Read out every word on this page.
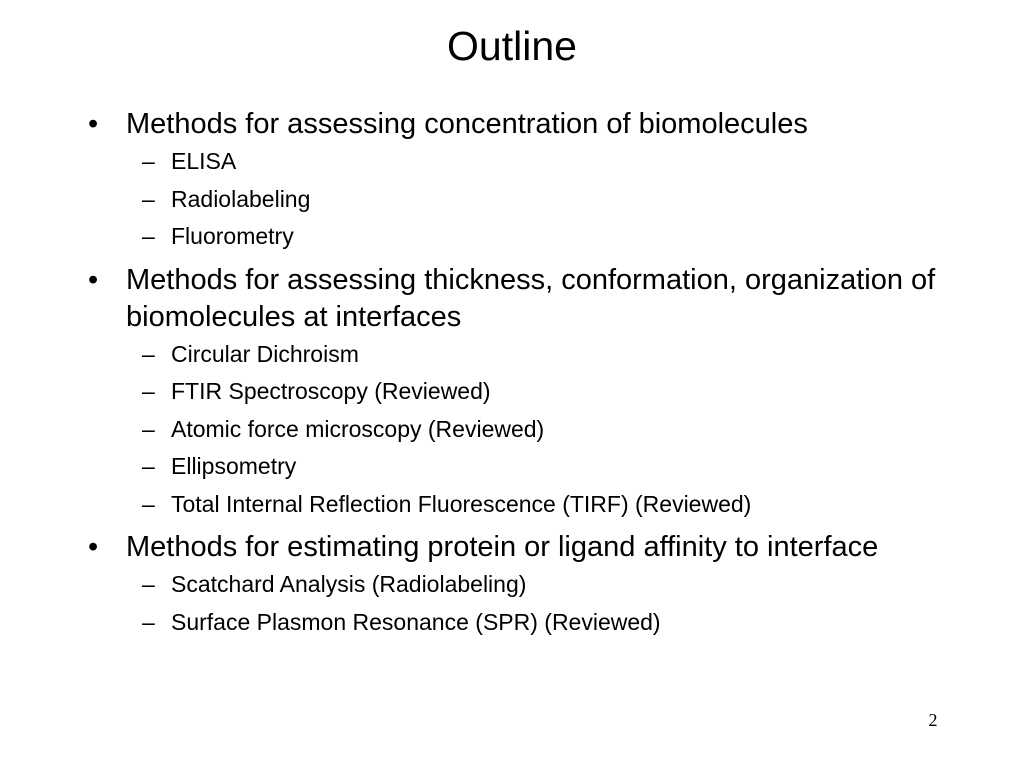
Outline
• Methods for assessing concentration of biomolecules
– ELISA
– Radiolabeling
– Fluorometry
• Methods for assessing thickness, conformation, organization of biomolecules at interfaces
– Circular Dichroism
– FTIR Spectroscopy (Reviewed)
– Atomic force microscopy (Reviewed)
– Ellipsometry
– Total Internal Reflection Fluorescence (TIRF) (Reviewed)
• Methods for estimating protein or ligand affinity to interface
– Scatchard Analysis (Radiolabeling)
– Surface Plasmon Resonance (SPR) (Reviewed)
2
